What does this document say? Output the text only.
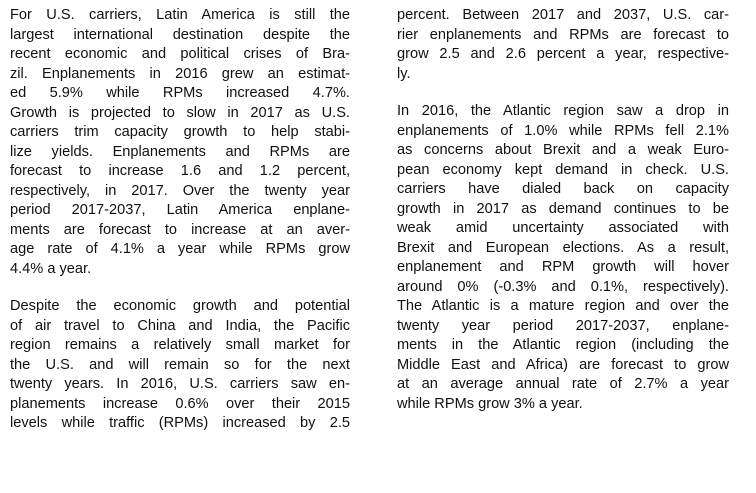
For U.S. carriers, Latin America is still the
largest international destination despite the
recent economic and political crises of Bra-
zil. Enplanements in 2016 grew an estimat-
ed 5.9% while RPMs increased 4.7%.
Growth is projected to slow in 2017 as U.S.
carriers trim capacity growth to help stabi-
lize yields. Enplanements and RPMs are
forecast to increase 1.6 and 1.2 percent,
respectively, in 2017. Over the twenty year
period 2017-2037, Latin America enplane-
ments are forecast to increase at an aver-
age rate of 4.1% a year while RPMs grow
4.4% a year.
Despite the economic growth and potential
of air travel to China and India, the Pacific
region remains a relatively small market for
the U.S. and will remain so for the next
twenty years. In 2016, U.S. carriers saw en-
planements increase 0.6% over their 2015
levels while traffic (RPMs) increased by 2.5
percent. Between 2017 and 2037, U.S. car-
rier enplanements and RPMs are forecast to
grow 2.5 and 2.6 percent a year, respective-
ly.
In 2016, the Atlantic region saw a drop in
enplanements of 1.0% while RPMs fell 2.1%
as concerns about Brexit and a weak Euro-
pean economy kept demand in check. U.S.
carriers have dialed back on capacity
growth in 2017 as demand continues to be
weak amid uncertainty associated with
Brexit and European elections. As a result,
enplanement and RPM growth will hover
around 0% (-0.3% and 0.1%, respectively).
The Atlantic is a mature region and over the
twenty year period 2017-2037, enplane-
ments in the Atlantic region (including the
Middle East and Africa) are forecast to grow
at an average annual rate of 2.7% a year
while RPMs grow 3% a year.
